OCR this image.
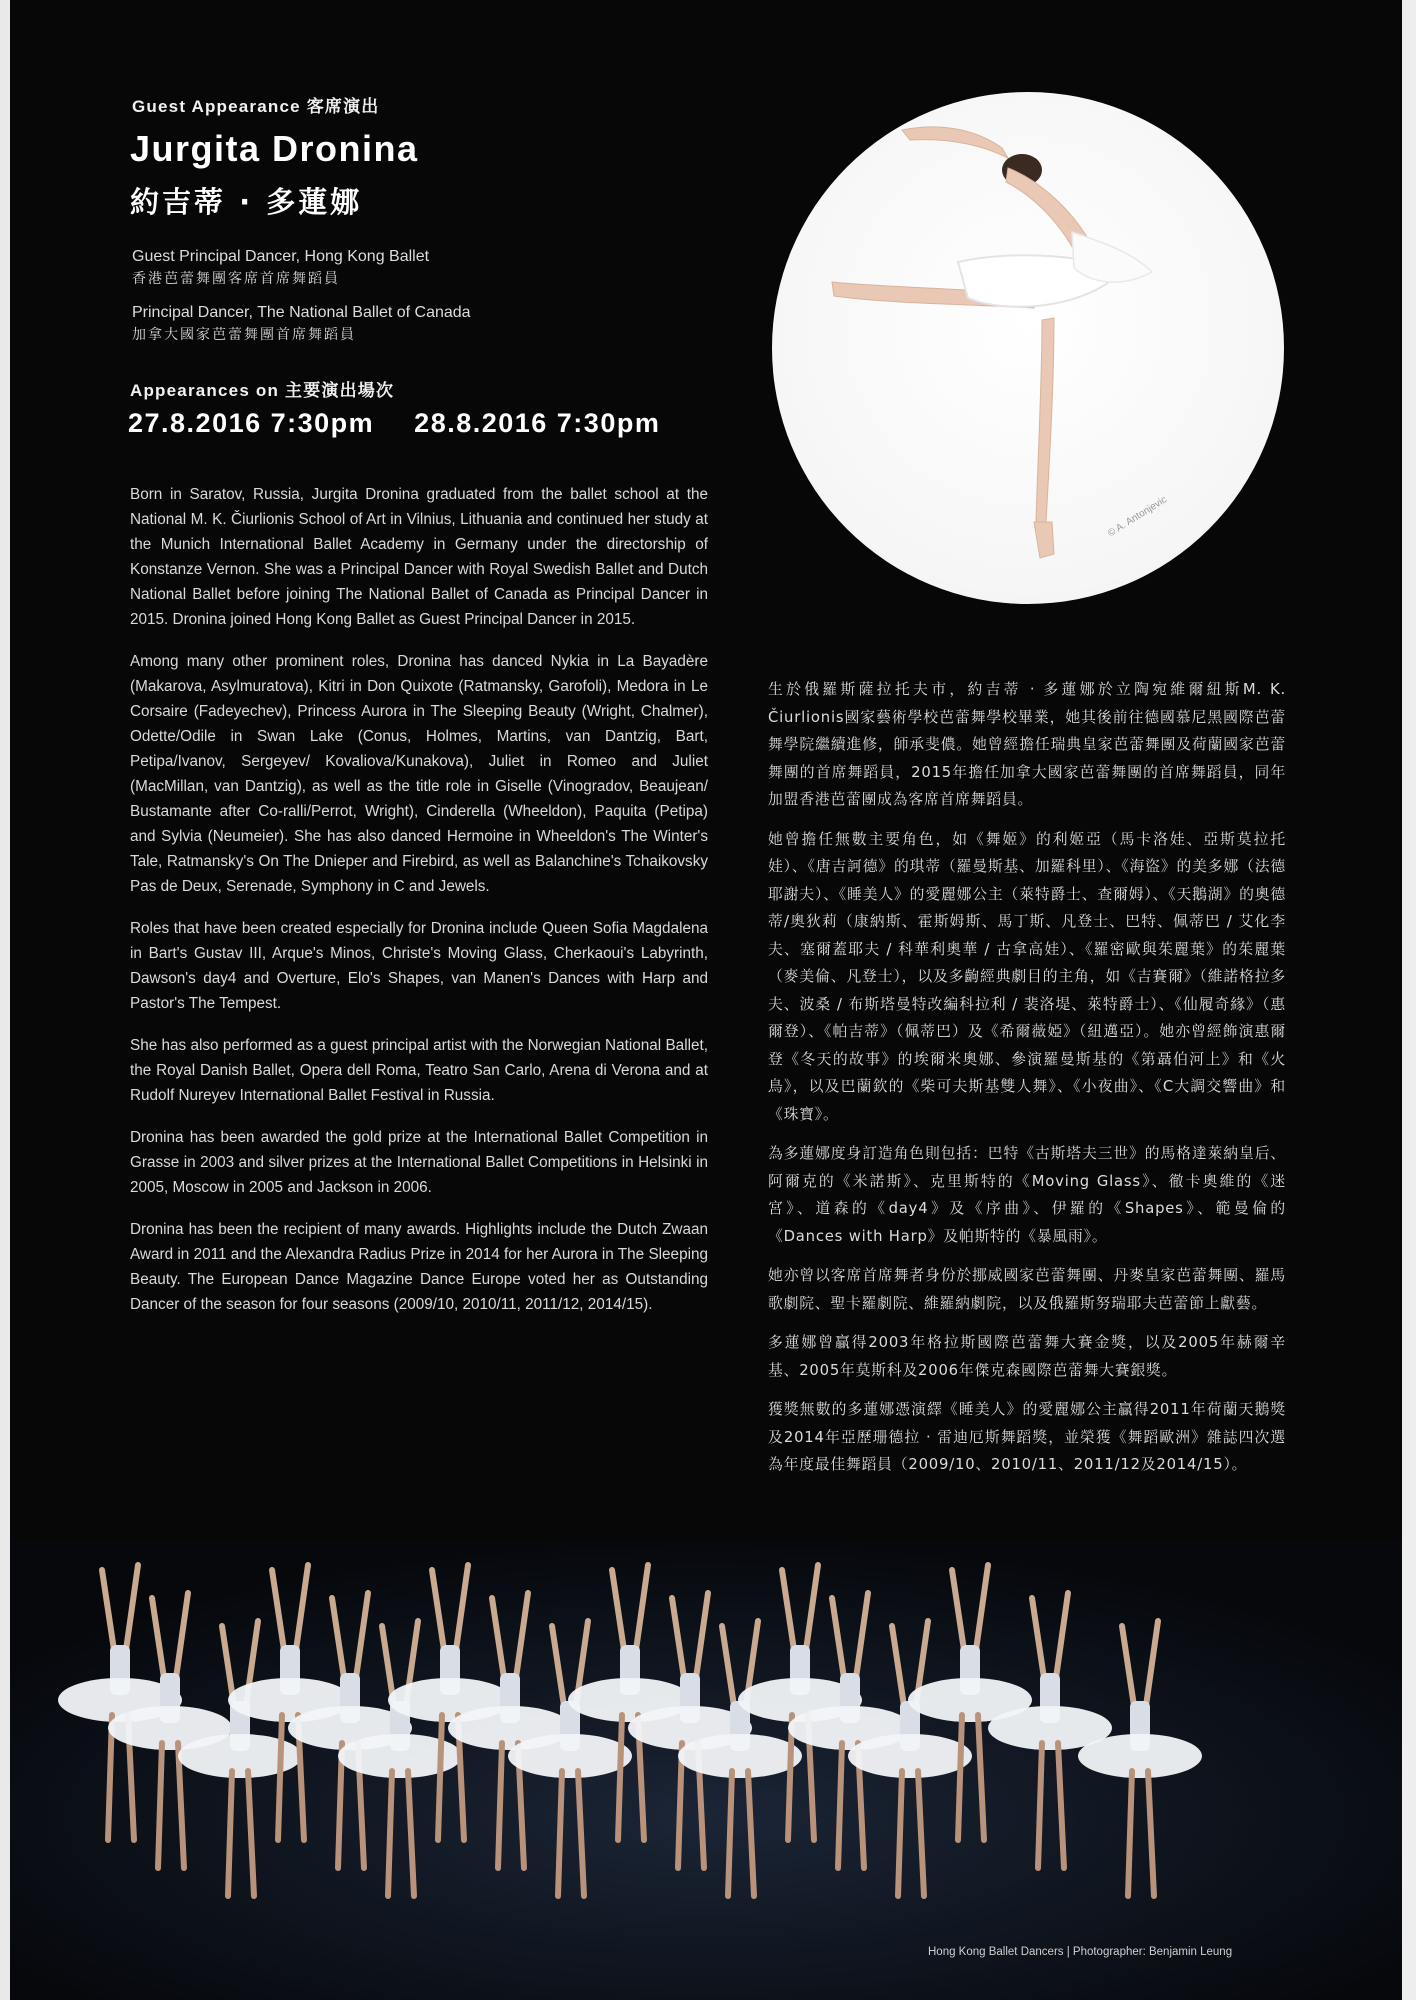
Guest Appearance 客席演出
Jurgita Dronina
約吉蒂 · 多蓮娜
Guest Principal Dancer, Hong Kong Ballet
香港芭蕾舞團客席首席舞蹈員
Principal Dancer, The National Ballet of Canada
加拿大國家芭蕾舞團首席舞蹈員
Appearances on 主要演出場次
27.8.2016 7:30pm 28.8.2016 7:30pm

Born in Saratov, Russia, Jurgita Dronina graduated from the ballet school at the National M. K. Čiurlionis School of Art in Vilnius, Lithuania and continued her study at the Munich International Ballet Academy in Germany under the directorship of Konstanze Vernon. She was a Principal Dancer with Royal Swedish Ballet and Dutch National Ballet before joining The National Ballet of Canada as Principal Dancer in 2015. Dronina joined Hong Kong Ballet as Guest Principal Dancer in 2015.

Among many other prominent roles, Dronina has danced Nykia in La Bayadère (Makarova, Asylmuratova), Kitri in Don Quixote (Ratmansky, Garofoli), Medora in Le Corsaire (Fadeyechev), Princess Aurora in The Sleeping Beauty (Wright, Chalmer), Odette/Odile in Swan Lake (Conus, Holmes, Martins, van Dantzig, Bart, Petipa/Ivanov, Sergeyev/ Kovaliova/Kunakova), Juliet in Romeo and Juliet (MacMillan, van Dantzig), as well as the title role in Giselle (Vinogradov, Beaujean/ Bustamante after Co-ralli/Perrot, Wright), Cinderella (Wheeldon), Paquita (Petipa) and Sylvia (Neumeier). She has also danced Hermoine in Wheeldon's The Winter's Tale, Ratmansky's On The Dnieper and Firebird, as well as Balanchine's Tchaikovsky Pas de Deux, Serenade, Symphony in C and Jewels.

Roles that have been created especially for Dronina include Queen Sofia Magdalena in Bart's Gustav III, Arque's Minos, Christe's Moving Glass, Cherkaoui's Labyrinth, Dawson's day4 and Overture, Elo's Shapes, van Manen's Dances with Harp and Pastor's The Tempest.

She has also performed as a guest principal artist with the Norwegian National Ballet, the Royal Danish Ballet, Opera dell Roma, Teatro San Carlo, Arena di Verona and at Rudolf Nureyev International Ballet Festival in Russia.

Dronina has been awarded the gold prize at the International Ballet Competition in Grasse in 2003 and silver prizes at the International Ballet Competitions in Helsinki in 2005, Moscow in 2005 and Jackson in 2006.

Dronina has been the recipient of many awards. Highlights include the Dutch Zwaan Award in 2011 and the Alexandra Radius Prize in 2014 for her Aurora in The Sleeping Beauty. The European Dance Magazine Dance Europe voted her as Outstanding Dancer of the season for four seasons (2009/10, 2010/11, 2011/12, 2014/15).

© A. Antonjevic

生於俄羅斯薩拉托夫市，約吉蒂 · 多蓮娜於立陶宛維爾紐斯M. K. Čiurlionis國家藝術學校芭蕾舞學校畢業，她其後前往德國慕尼黑國際芭蕾舞學院繼續進修，師承斐儂。她曾經擔任瑞典皇家芭蕾舞團及荷蘭國家芭蕾舞團的首席舞蹈員，2015年擔任加拿大國家芭蕾舞團的首席舞蹈員，同年加盟香港芭蕾團成為客席首席舞蹈員。

她曾擔任無數主要角色，如《舞姬》的利姬亞（馬卡洛娃、亞斯莫拉托娃）、《唐吉訶德》的琪蒂（羅曼斯基、加羅科里）、《海盜》的美多娜（法德耶謝夫）、《睡美人》的愛麗娜公主（萊特爵士、查爾姆）、《天鵝湖》的奧德蒂/奧狄莉（康納斯、霍斯姆斯、馬丁斯、凡登士、巴特、佩蒂巴 / 艾化李夫、塞爾蓋耶夫 / 科華利奧華 / 古拿高娃）、《羅密歐與茱麗葉》的茱麗葉（麥美倫、凡登士），以及多齣經典劇目的主角，如《吉賽爾》（維諾格拉多夫、波桑 / 布斯塔曼特改編科拉利 / 裴洛堤、萊特爵士）、《仙履奇緣》（惠爾登）、《帕吉蒂》（佩蒂巴）及《希爾薇婭》（紐邁亞）。她亦曾經飾演惠爾登《冬天的故事》的埃爾米奧娜、參演羅曼斯基的《第聶伯河上》和《火鳥》，以及巴蘭欽的《柴可夫斯基雙人舞》、《小夜曲》、《C大調交響曲》和《珠寶》。

為多蓮娜度身訂造角色則包括：巴特《古斯塔夫三世》的馬格達萊納皇后、阿爾克的《米諾斯》、克里斯特的《Moving Glass》、徹卡奧維的《迷宮》、道森的《day4》及《序曲》、伊羅的《Shapes》、範曼倫的《Dances with Harp》及帕斯特的《暴風雨》。

她亦曾以客席首席舞者身份於挪威國家芭蕾舞團、丹麥皇家芭蕾舞團、羅馬歌劇院、聖卡羅劇院、維羅納劇院，以及俄羅斯努瑞耶夫芭蕾節上獻藝。

多蓮娜曾贏得2003年格拉斯國際芭蕾舞大賽金獎，以及2005年赫爾辛基、2005年莫斯科及2006年傑克森國際芭蕾舞大賽銀獎。

獲獎無數的多蓮娜憑演繹《睡美人》的愛麗娜公主贏得2011年荷蘭天鵝獎及2014年亞歷珊德拉 · 雷迪厄斯舞蹈獎，並榮獲《舞蹈歐洲》雜誌四次選為年度最佳舞蹈員（2009/10、2010/11、2011/12及2014/15）。

Hong Kong Ballet Dancers | Photographer: Benjamin Leung
